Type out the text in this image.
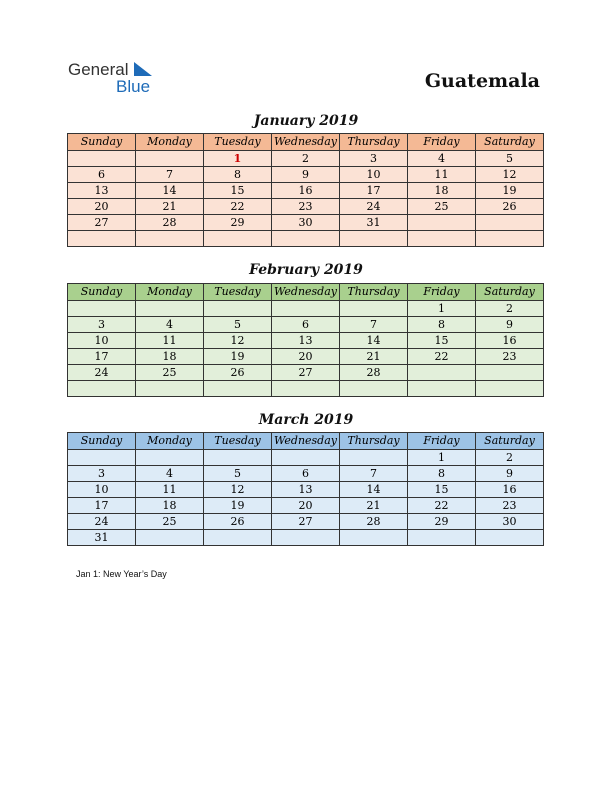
General
Blue	Guatemala
January 2019
Sunday	Monday	Tuesday	Wednesday	Thursday	Friday	Saturday
		1	2	3	4	5
6	7	8	9	10	11	12
13	14	15	16	17	18	19
20	21	22	23	24	25	26
27	28	29	30	31		

February 2019
Sunday	Monday	Tuesday	Wednesday	Thursday	Friday	Saturday
					1	2
3	4	5	6	7	8	9
10	11	12	13	14	15	16
17	18	19	20	21	22	23
24	25	26	27	28		

March 2019
Sunday	Monday	Tuesday	Wednesday	Thursday	Friday	Saturday
					1	2
3	4	5	6	7	8	9
10	11	12	13	14	15	16
17	18	19	20	21	22	23
24	25	26	27	28	29	30
31						
Jan 1: New Year’s Day
